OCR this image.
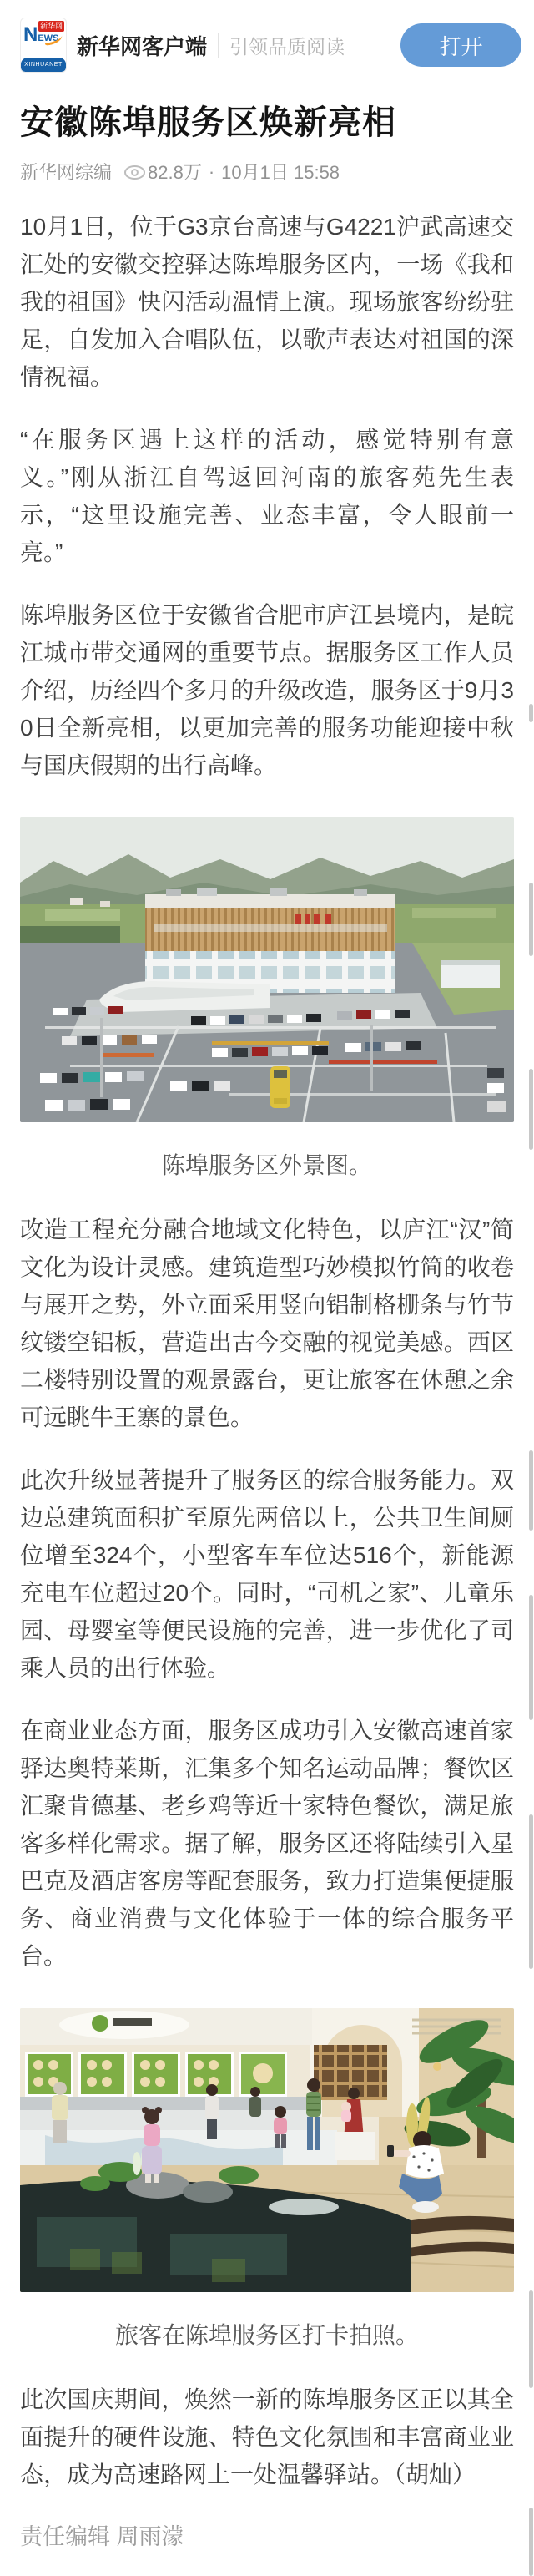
NEWS
新华网
XINHUANET
新华网客户端 引领品质阅读	打开
安徽陈埠服务区焕新亮相
新华网综编 82.8万 · 10月1日 15:58

10月1日，位于G3京台高速与G4221沪武高速交汇处的安徽交控驿达陈埠服务区内，一场《我和我的祖国》快闪活动温情上演。现场旅客纷纷驻足，自发加入合唱队伍，以歌声表达对祖国的深情祝福。

“在服务区遇上这样的活动，感觉特别有意义。”刚从浙江自驾返回河南的旅客苑先生表示，“这里设施完善、业态丰富，令人眼前一亮。”

陈埠服务区位于安徽省合肥市庐江县境内，是皖江城市带交通网的重要节点。据服务区工作人员介绍，历经四个多月的升级改造，服务区于9月30日全新亮相，以更加完善的服务功能迎接中秋与国庆假期的出行高峰。

陈埠服务区外景图。

改造工程充分融合地域文化特色，以庐江“汉”简文化为设计灵感。建筑造型巧妙模拟竹简的收卷与展开之势，外立面采用竖向铝制格栅条与竹节纹镂空铝板，营造出古今交融的视觉美感。西区二楼特别设置的观景露台，更让旅客在休憩之余可远眺牛王寨的景色。

此次升级显著提升了服务区的综合服务能力。双边总建筑面积扩至原先两倍以上，公共卫生间厕位增至324个，小型客车车位达516个，新能源充电车位超过20个。同时，“司机之家”、儿童乐园、母婴室等便民设施的完善，进一步优化了司乘人员的出行体验。

在商业业态方面，服务区成功引入安徽高速首家驿达奥特莱斯，汇集多个知名运动品牌；餐饮区汇聚肯德基、老乡鸡等近十家特色餐饮，满足旅客多样化需求。据了解，服务区还将陆续引入星巴克及酒店客房等配套服务，致力打造集便捷服务、商业消费与文化体验于一体的综合服务平台。

旅客在陈埠服务区打卡拍照。

此次国庆期间，焕然一新的陈埠服务区正以其全面提升的硬件设施、特色文化氛围和丰富商业业态，成为高速路网上一处温馨驿站。（胡灿）

责任编辑 周雨濛
